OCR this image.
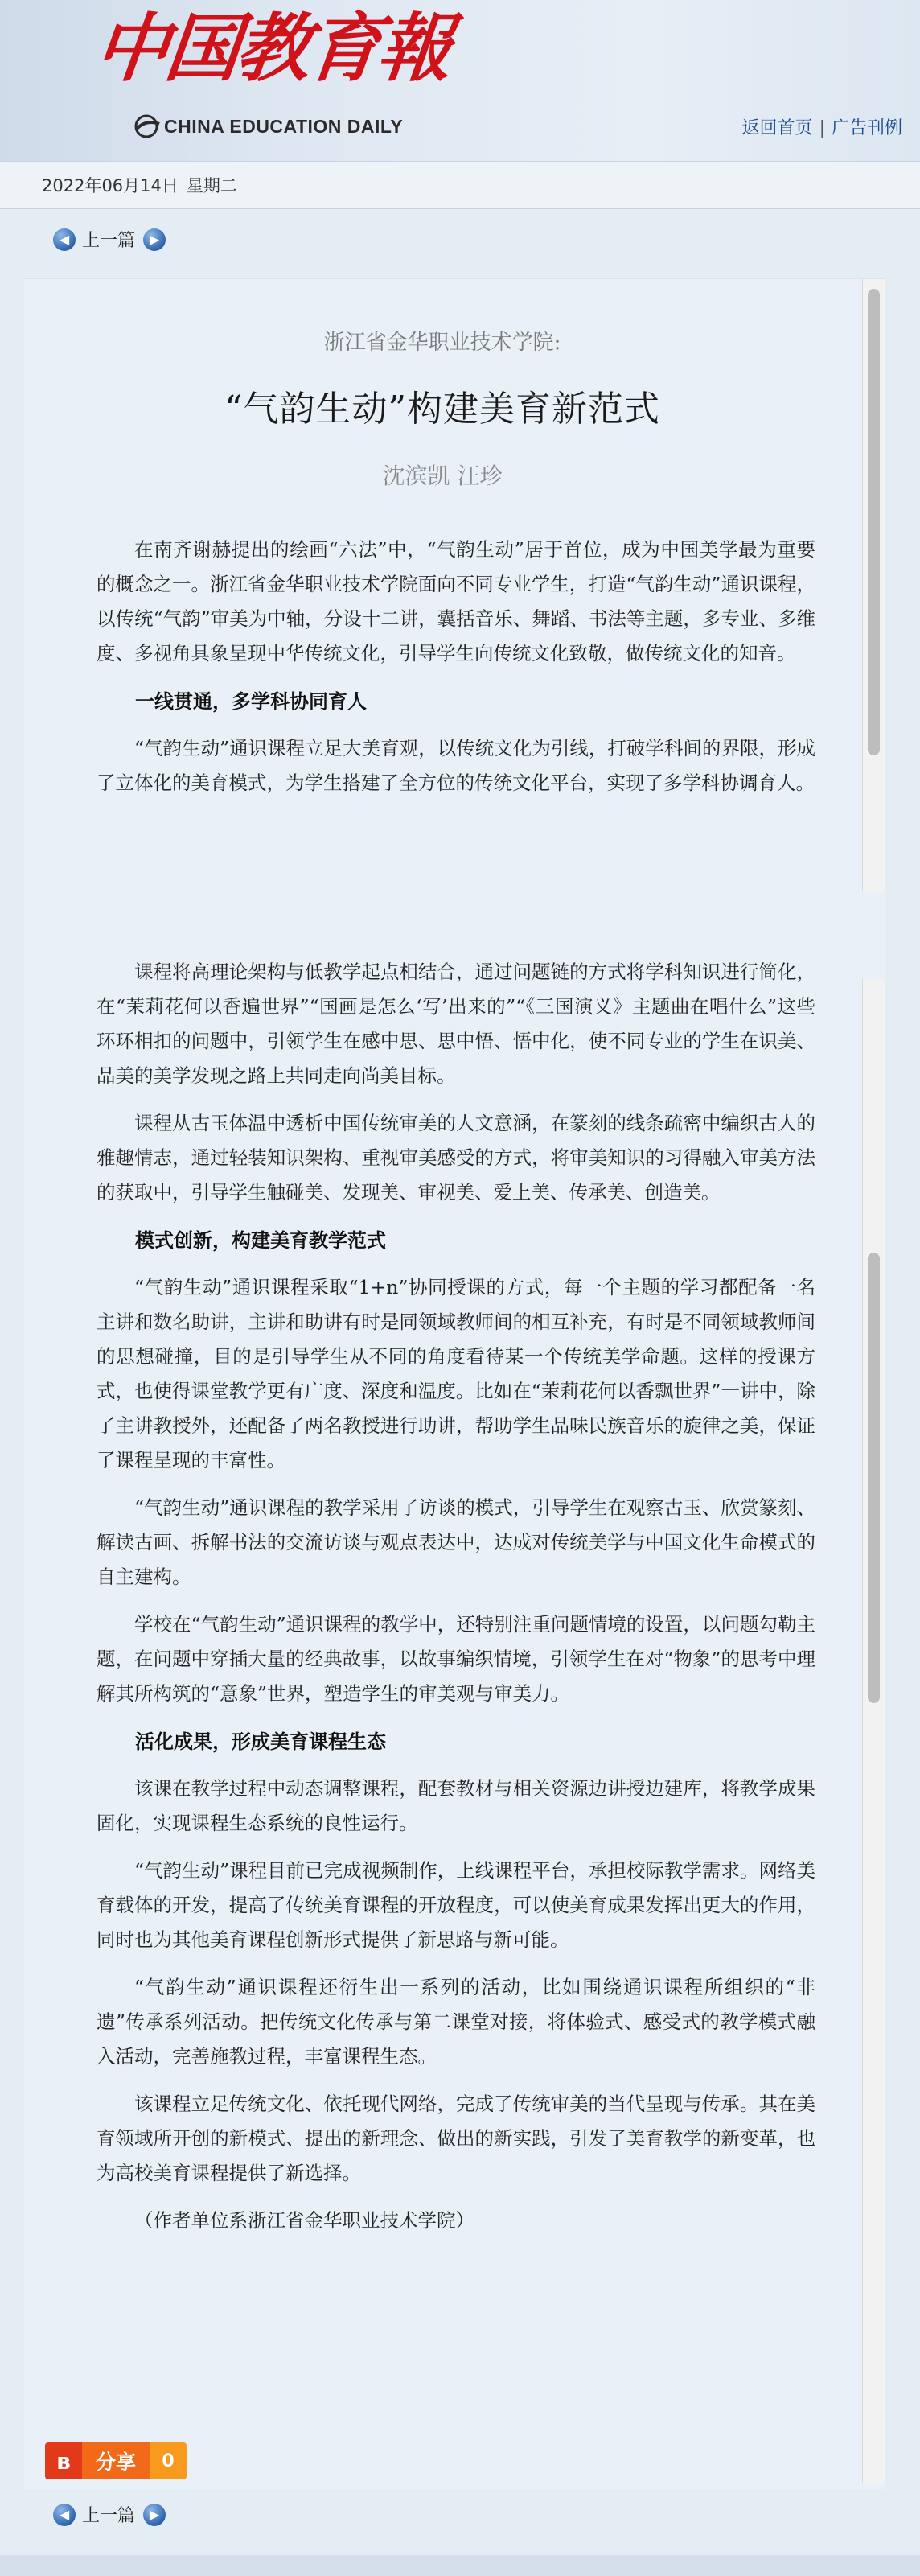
中国教育報
CHINA EDUCATION DAILY	返回首页 | 广告刊例
2022年06月14日 星期二
◀ 上一篇	▶
浙江省金华职业技术学院:
“气韵生动”构建美育新范式
沈滨凯 汪珍

在南齐谢赫提出的绘画“六法”中，“气韵生动”居于首位，成为中国美学最为重要的概念之一。浙江省金华职业技术学院面向不同专业学生，打造“气韵生动”通识课程，以传统“气韵”审美为中轴，分设十二讲，囊括音乐、舞蹈、书法等主题，多专业、多维度、多视角具象呈现中华传统文化，引导学生向传统文化致敬，做传统文化的知音。

一线贯通，多学科协同育人

“气韵生动”通识课程立足大美育观，以传统文化为引线，打破学科间的界限，形成了立体化的美育模式，为学生搭建了全方位的传统文化平台，实现了多学科协调育人。

课程将高理论架构与低教学起点相结合，通过问题链的方式将学科知识进行简化，在“茉莉花何以香遍世界”“国画是怎么‘写’出来的”“《三国演义》主题曲在唱什么”这些环环相扣的问题中，引领学生在感中思、思中悟、悟中化，使不同专业的学生在识美、品美的美学发现之路上共同走向尚美目标。

课程从古玉体温中透析中国传统审美的人文意涵，在篆刻的线条疏密中编织古人的雅趣情志，通过轻装知识架构、重视审美感受的方式，将审美知识的习得融入审美方法的获取中，引导学生触碰美、发现美、审视美、爱上美、传承美、创造美。

模式创新，构建美育教学范式

“气韵生动”通识课程采取“1+n”协同授课的方式，每一个主题的学习都配备一名主讲和数名助讲，主讲和助讲有时是同领域教师间的相互补充，有时是不同领域教师间的思想碰撞，目的是引导学生从不同的角度看待某一个传统美学命题。这样的授课方式，也使得课堂教学更有广度、深度和温度。比如在“茉莉花何以香飘世界”一讲中，除了主讲教授外，还配备了两名教授进行助讲，帮助学生品味民族音乐的旋律之美，保证了课程呈现的丰富性。

“气韵生动”通识课程的教学采用了访谈的模式，引导学生在观察古玉、欣赏篆刻、解读古画、拆解书法的交流访谈与观点表达中，达成对传统美学与中国文化生命模式的自主建构。

学校在“气韵生动”通识课程的教学中，还特别注重问题情境的设置，以问题勾勒主题，在问题中穿插大量的经典故事，以故事编织情境，引领学生在对“物象”的思考中理解其所构筑的“意象”世界，塑造学生的审美观与审美力。

活化成果，形成美育课程生态

该课在教学过程中动态调整课程，配套教材与相关资源边讲授边建库，将教学成果固化，实现课程生态系统的良性运行。

“气韵生动”课程目前已完成视频制作，上线课程平台，承担校际教学需求。网络美育载体的开发，提高了传统美育课程的开放程度，可以使美育成果发挥出更大的作用，同时也为其他美育课程创新形式提供了新思路与新可能。

“气韵生动”通识课程还衍生出一系列的活动，比如围绕通识课程所组织的“非遗”传承系列活动。把传统文化传承与第二课堂对接，将体验式、感受式的教学模式融入活动，完善施教过程，丰富课程生态。

该课程立足传统文化、依托现代网络，完成了传统审美的当代呈现与传承。其在美育领域所开创的新模式、提出的新理念、做出的新实践，引发了美育教学的新变革，也为高校美育课程提供了新选择。

（作者单位系浙江省金华职业技术学院）

ʙ	分享	0
◀ 上一篇	▶
